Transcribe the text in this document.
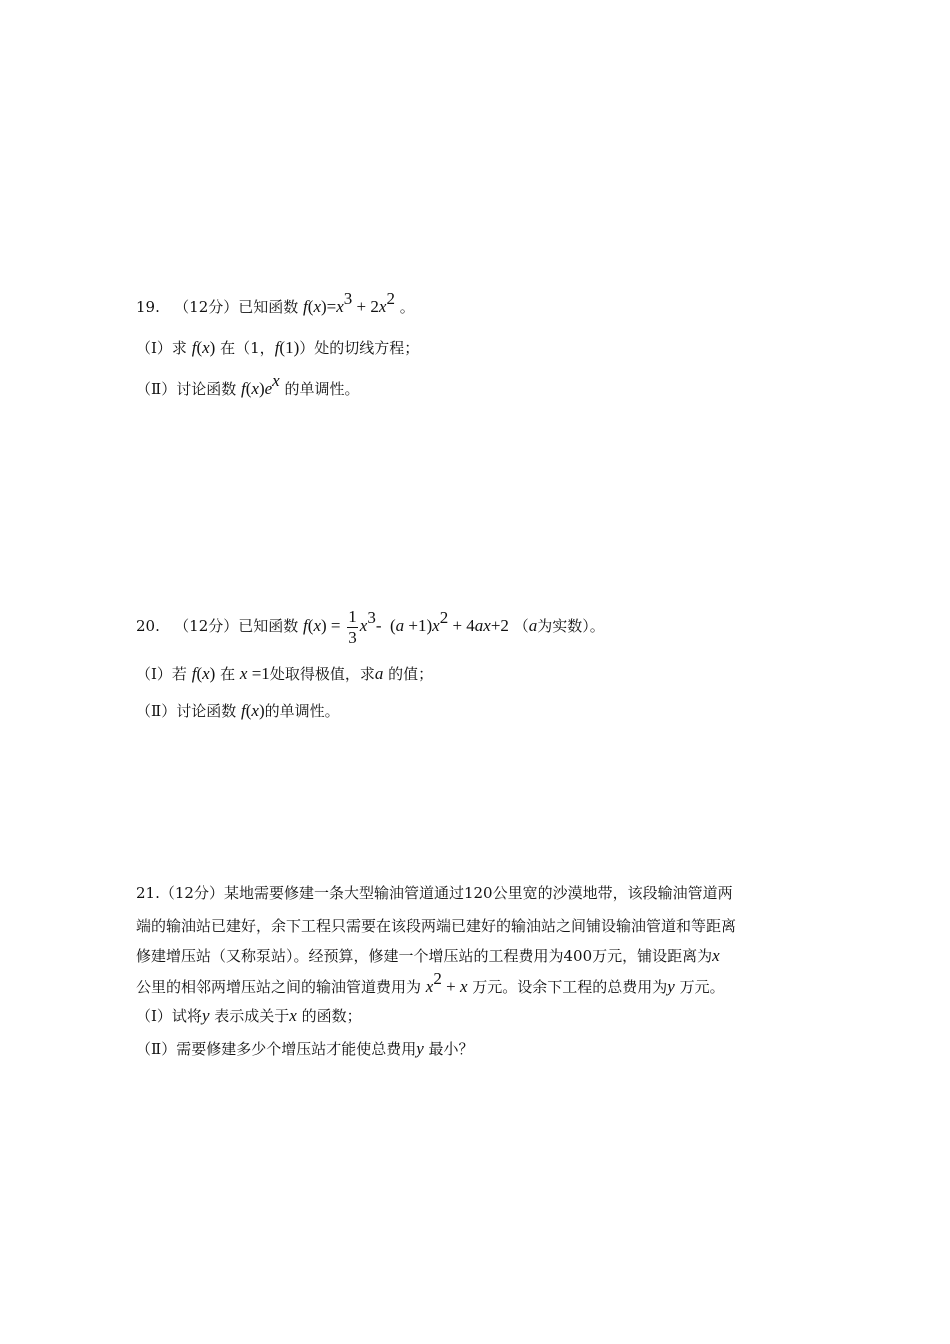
19. （12分）已知函数 $f(x)=x^3 + 2x^2$ 。
（Ⅰ）求 f(x) 在（1，f(1)）处的切线方程；
（Ⅱ）讨论函数 $f(x)e^x$ 的单调性。
20. （12分）已知函数 $f(x) = \frac{1}{3} x^3-$  $(a +1)x^2 + 4ax+2$ （a为实数）。
（Ⅰ）若 f(x) 在 x =1处取得极值，求a 的值；
（Ⅱ）讨论函数 f(x)的单调性。
21.（12分）某地需要修建一条大型输油管道通过120公里宽的沙漠地带，该段输油管道两
端的输油站已建好，余下工程只需要在该段两端已建好的输油站之间铺设输油管道和等距离
修建增压站（又称泵站）。经预算，修建一个增压站的工程费用为400万元，铺设距离为x
公里的相邻两增压站之间的输油管道费用为 $x^2 + x$ 万元。设余下工程的总费用为y 万元。
（Ⅰ）试将y 表示成关于x 的函数；
（Ⅱ）需要修建多少个增压站才能使总费用y 最小？
